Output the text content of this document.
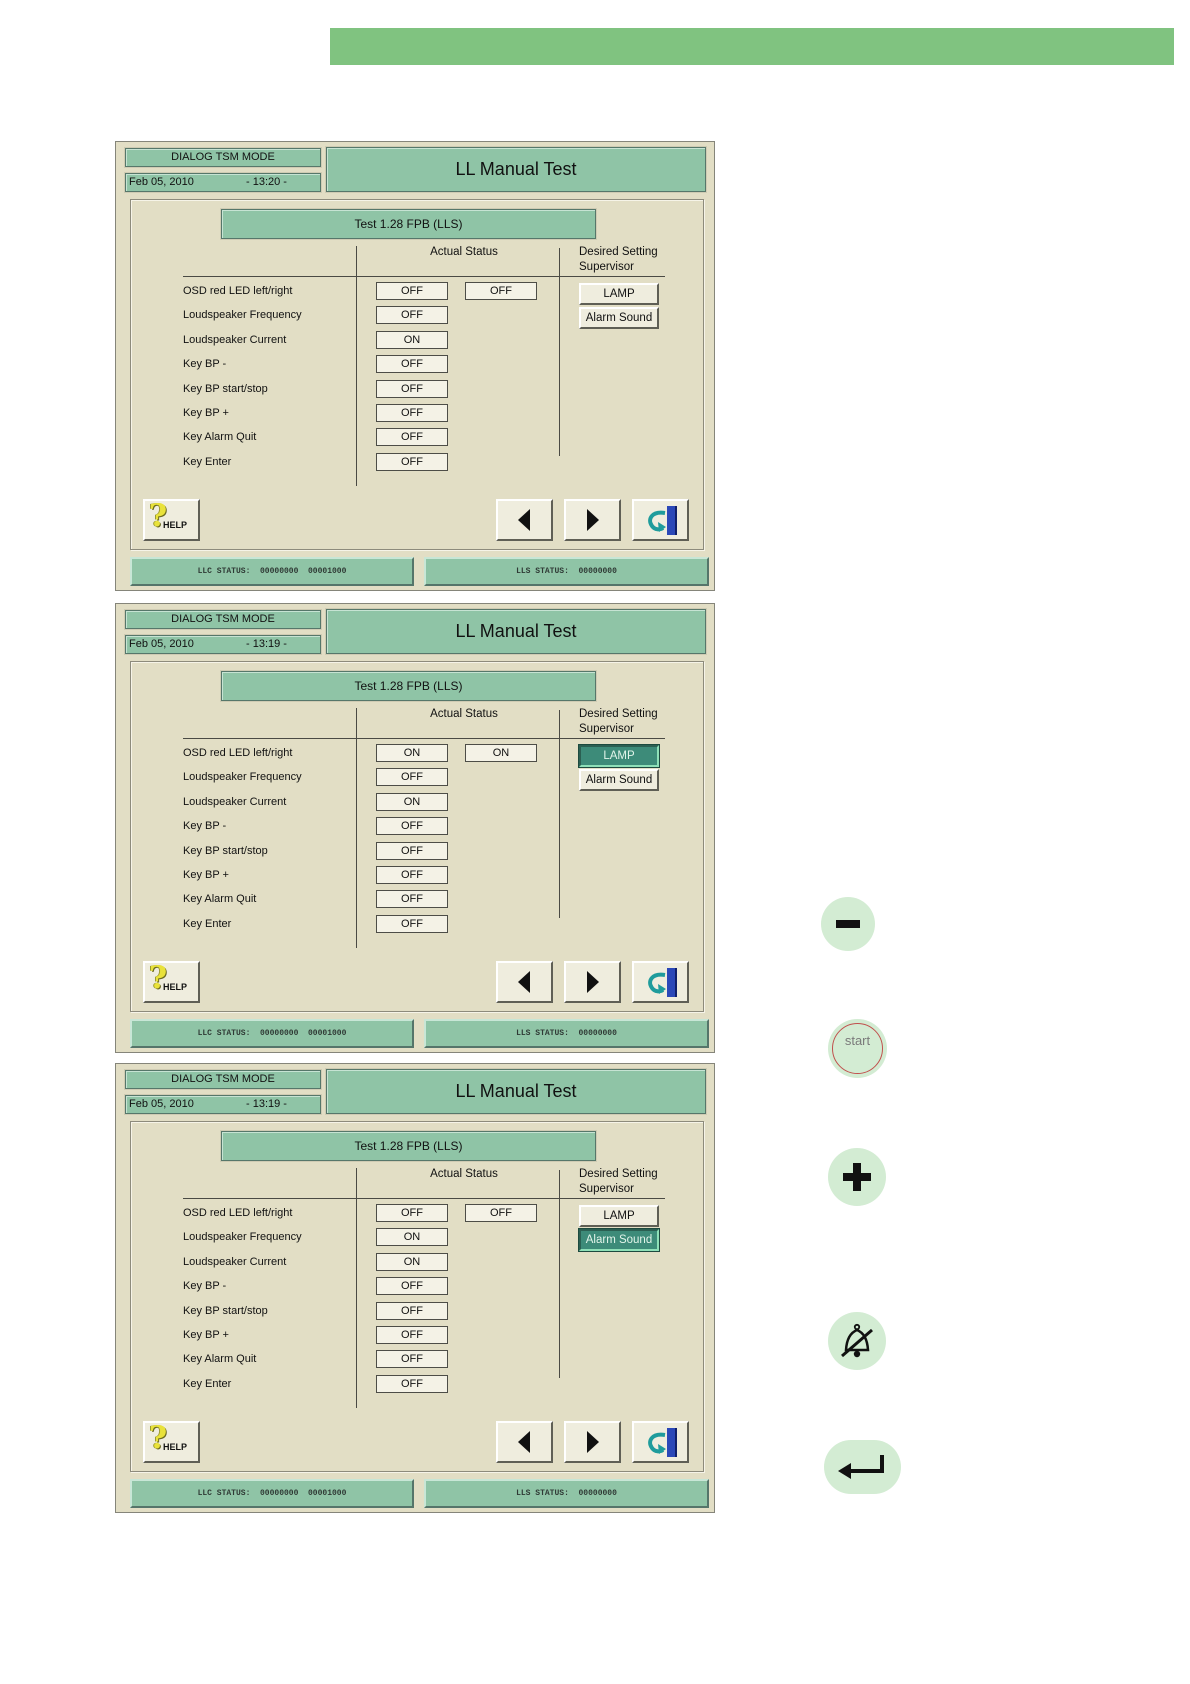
DIALOG TSM MODE
Feb 05, 2010	- 13:20 -
LL Manual Test
Test 1.28 FPB (LLS)
Actual Status	Desired Setting
Supervisor
OSD red LED left/right	OFF	OFF
Loudspeaker Frequency	OFF
Loudspeaker Current	ON
Key BP -	OFF
Key BP start/stop	OFF
Key BP +	OFF
Key Alarm Quit	OFF
Key Enter	OFF
LAMP
Alarm Sound
?
HELP
LLC STATUS:  00000000  00001000	LLS STATUS:  00000000
DIALOG TSM MODE
Feb 05, 2010	- 13:19 -
LL Manual Test
Test 1.28 FPB (LLS)
Actual Status	Desired Setting
Supervisor
OSD red LED left/right	ON	ON
Loudspeaker Frequency	OFF
Loudspeaker Current	ON
Key BP -	OFF
Key BP start/stop	OFF
Key BP +	OFF
Key Alarm Quit	OFF
Key Enter	OFF
LAMP
Alarm Sound
?
HELP
LLC STATUS:  00000000  00001000	LLS STATUS:  00000000
DIALOG TSM MODE
Feb 05, 2010	- 13:19 -
LL Manual Test
Test 1.28 FPB (LLS)
Actual Status	Desired Setting
Supervisor
OSD red LED left/right	OFF	OFF
Loudspeaker Frequency	ON
Loudspeaker Current	ON
Key BP -	OFF
Key BP start/stop	OFF
Key BP +	OFF
Key Alarm Quit	OFF
Key Enter	OFF
LAMP
Alarm Sound
?
HELP
LLC STATUS:  00000000  00001000	LLS STATUS:  00000000
start
